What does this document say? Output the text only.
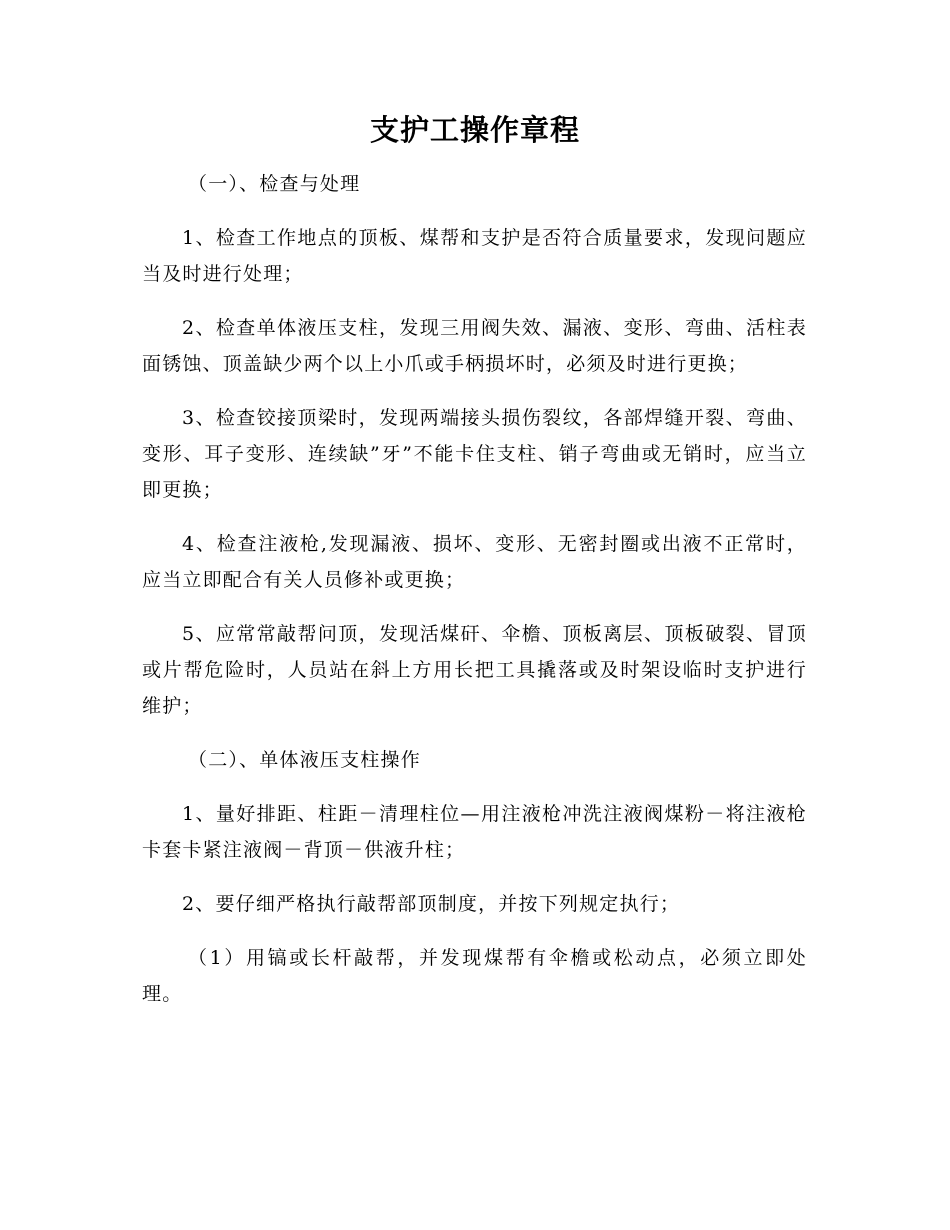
支护工操作章程

（一）、检查与处理

1、检查工作地点的顶板、煤帮和支护是否符合质量要求，发现问题应当及时进行处理；

2、检查单体液压支柱，发现三用阀失效、漏液、变形、弯曲、活柱表面锈蚀、顶盖缺少两个以上小爪或手柄损坏时，必须及时进行更换；

3、检查铰接顶梁时，发现两端接头损伤裂纹，各部焊缝开裂、弯曲、变形、耳子变形、连续缺”牙”不能卡住支柱、销子弯曲或无销时，应当立即更换；

4、检查注液枪,发现漏液、损坏、变形、无密封圈或出液不正常时，应当立即配合有关人员修补或更换；

5、应常常敲帮问顶，发现活煤矸、伞檐、顶板离层、顶板破裂、冒顶或片帮危险时，人员站在斜上方用长把工具撬落或及时架设临时支护进行维护；

（二）、单体液压支柱操作

1、量好排距、柱距－清理柱位—用注液枪冲洗注液阀煤粉－将注液枪卡套卡紧注液阀－背顶－供液升柱；

2、要仔细严格执行敲帮部顶制度，并按下列规定执行；

（1）用镐或长杆敲帮，并发现煤帮有伞檐或松动点，必须立即处理。
